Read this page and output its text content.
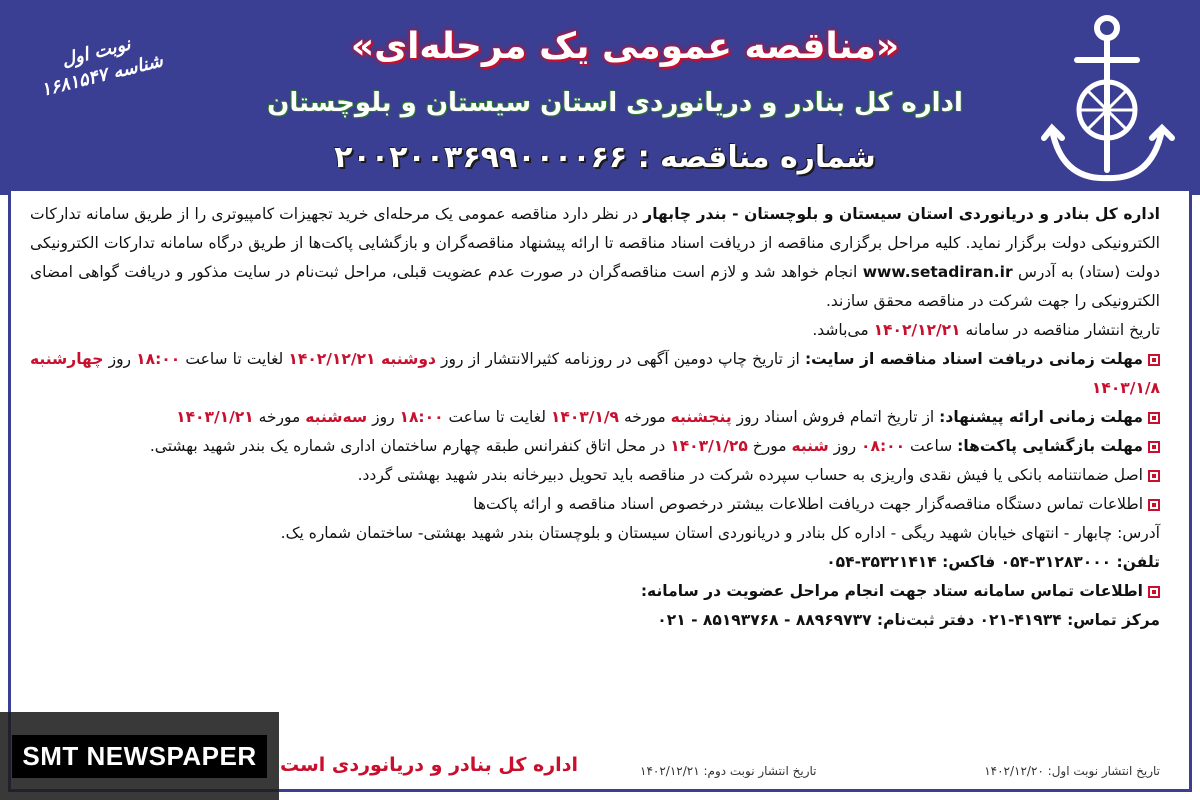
نوبت اول
شناسه ۱۶۸۱۵۴۷
«مناقصه عمومی یک مرحله‌ای»
اداره کل بنادر و دریانوردی استان سیستان و بلوچستان
شماره مناقصه : ۲۰۰۲۰۰۳۶۹۹۰۰۰۰۶۶

اداره کل بنادر و دریانوردی استان سیستان و بلوچستان - بندر چابهار در نظر دارد مناقصه عمومی یک مرحله‌ای خرید تجهیزات کامپیوتری را از طریق سامانه تدارکات الکترونیکی دولت برگزار نماید. کلیه مراحل برگزاری مناقصه از دریافت اسناد مناقصه تا ارائه پیشنهاد مناقصه‌گران و بازگشایی پاکت‌ها از طریق درگاه سامانه تدارکات الکترونیکی دولت (ستاد) به آدرس www.setadiran.ir انجام خواهد شد و لازم است مناقصه‌گران در صورت عدم عضویت قبلی، مراحل ثبت‌نام در سایت مذکور و دریافت گواهی امضای الکترونیکی را جهت شرکت در مناقصه محقق سازند.

تاریخ انتشار مناقصه در سامانه ۱۴۰۲/۱۲/۲۱ می‌باشد.

مهلت زمانی دریافت اسناد مناقصه از سایت: از تاریخ چاپ دومین آگهی در روزنامه کثیرالانتشار از روز دوشنبه ۱۴۰۲/۱۲/۲۱ لغایت تا ساعت ۱۸:۰۰ روز چهارشنبه ۱۴۰۳/۱/۸

مهلت زمانی ارائه پیشنهاد: از تاریخ اتمام فروش اسناد روز پنجشنبه مورخه ۱۴۰۳/۱/۹ لغایت تا ساعت ۱۸:۰۰ روز سه‌شنبه مورخه ۱۴۰۳/۱/۲۱

مهلت بازگشایی پاکت‌ها: ساعت ۰۸:۰۰ روز شنبه مورخ ۱۴۰۳/۱/۲۵ در محل اتاق کنفرانس طبقه چهارم ساختمان اداری شماره یک بندر شهید بهشتی.

اصل ضمانتنامه بانکی یا فیش نقدی واریزی به حساب سپرده شرکت در مناقصه باید تحویل دبیرخانه بندر شهید بهشتی گردد.

اطلاعات تماس دستگاه مناقصه‌گزار جهت دریافت اطلاعات بیشتر درخصوص اسناد مناقصه و ارائه پاکت‌ها

آدرس: چابهار - انتهای خیابان شهید ریگی - اداره کل بنادر و دریانوردی استان سیستان و بلوچستان بندر شهید بهشتی- ساختمان شماره یک.

تلفن: ۳۱۲۸۳۰۰۰-۰۵۴ فاکس: ۳۵۳۲۱۴۱۴-۰۵۴

اطلاعات تماس سامانه ستاد جهت انجام مراحل عضویت در سامانه:

مرکز تماس: ۴۱۹۳۴-۰۲۱ دفتر ثبت‌نام: ۸۸۹۶۹۷۳۷ - ۸۵۱۹۳۷۶۸ - ۰۲۱

اداره کل بنادر و دریانوردی است	تاریخ انتشار نوبت اول: ۱۴۰۲/۱۲/۲۰
تاریخ انتشار نوبت دوم: ۱۴۰۲/۱۲/۲۱
SMT NEWSPAPER
